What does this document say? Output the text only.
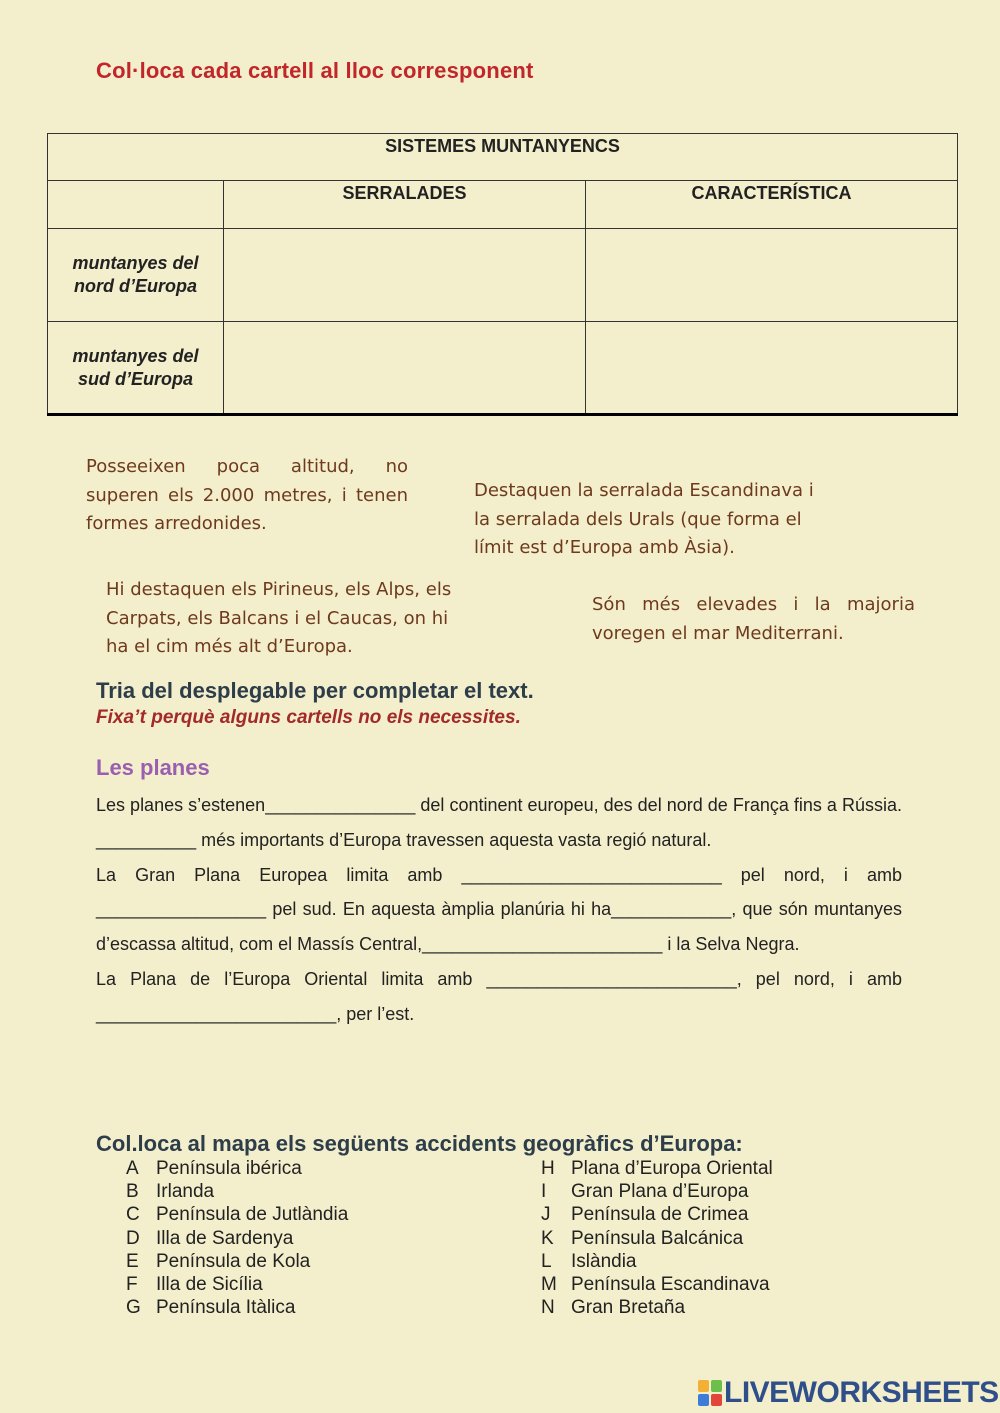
Col·loca cada cartell al lloc corresponent
SISTEMES MUNTANYENCS		
	SERRALADES	CARACTERÍSTICA
muntanyes del nord d’Europa		
muntanyes del sud d’Europa		
Posseeixen poca altitud, no superen els 2.000 metres, i tenen formes arredonides.
Destaquen la serralada Escandinava i la serralada dels Urals (que forma el límit est d’Europa amb Àsia).
Hi destaquen els Pirineus, els Alps, els Carpats, els Balcans i el Caucas, on hi ha el cim més alt d’Europa.
Són més elevades i la majoria voregen el mar Mediterrani.
Tria del desplegable per completar el text.
Fixa’t perquè alguns cartells no els necessites.
Les planes

Les planes s’estenen_______________ del continent europeu, des del nord de França fins a Rússia. __________ més importants d’Europa travessen aquesta vasta regió natural.

La Gran Plana Europea limita amb __________________________ pel nord, i amb _________________ pel sud. En aquesta àmplia planúria hi ha____________, que són muntanyes d’escassa altitud, com el Massís Central,________________________ i la Selva Negra.

La Plana de l’Europa Oriental limita amb _________________________, pel nord, i amb ________________________, per l’est.

Col.loca al mapa els següents accidents geogràfics d’Europa:
A Península ibérica
B Irlanda
C Península de Jutlàndia
D Illa de Sardenya
E Península de Kola
F Illa de Sicília
G Península Itàlica
H Plana d’Europa Oriental
I	Gran Plana d’Europa
J	Península de Crimea
K Península Balcánica
L	Islàndia
M Península Escandinava
N Gran Bretaña
LIVEWORKSHEETS
